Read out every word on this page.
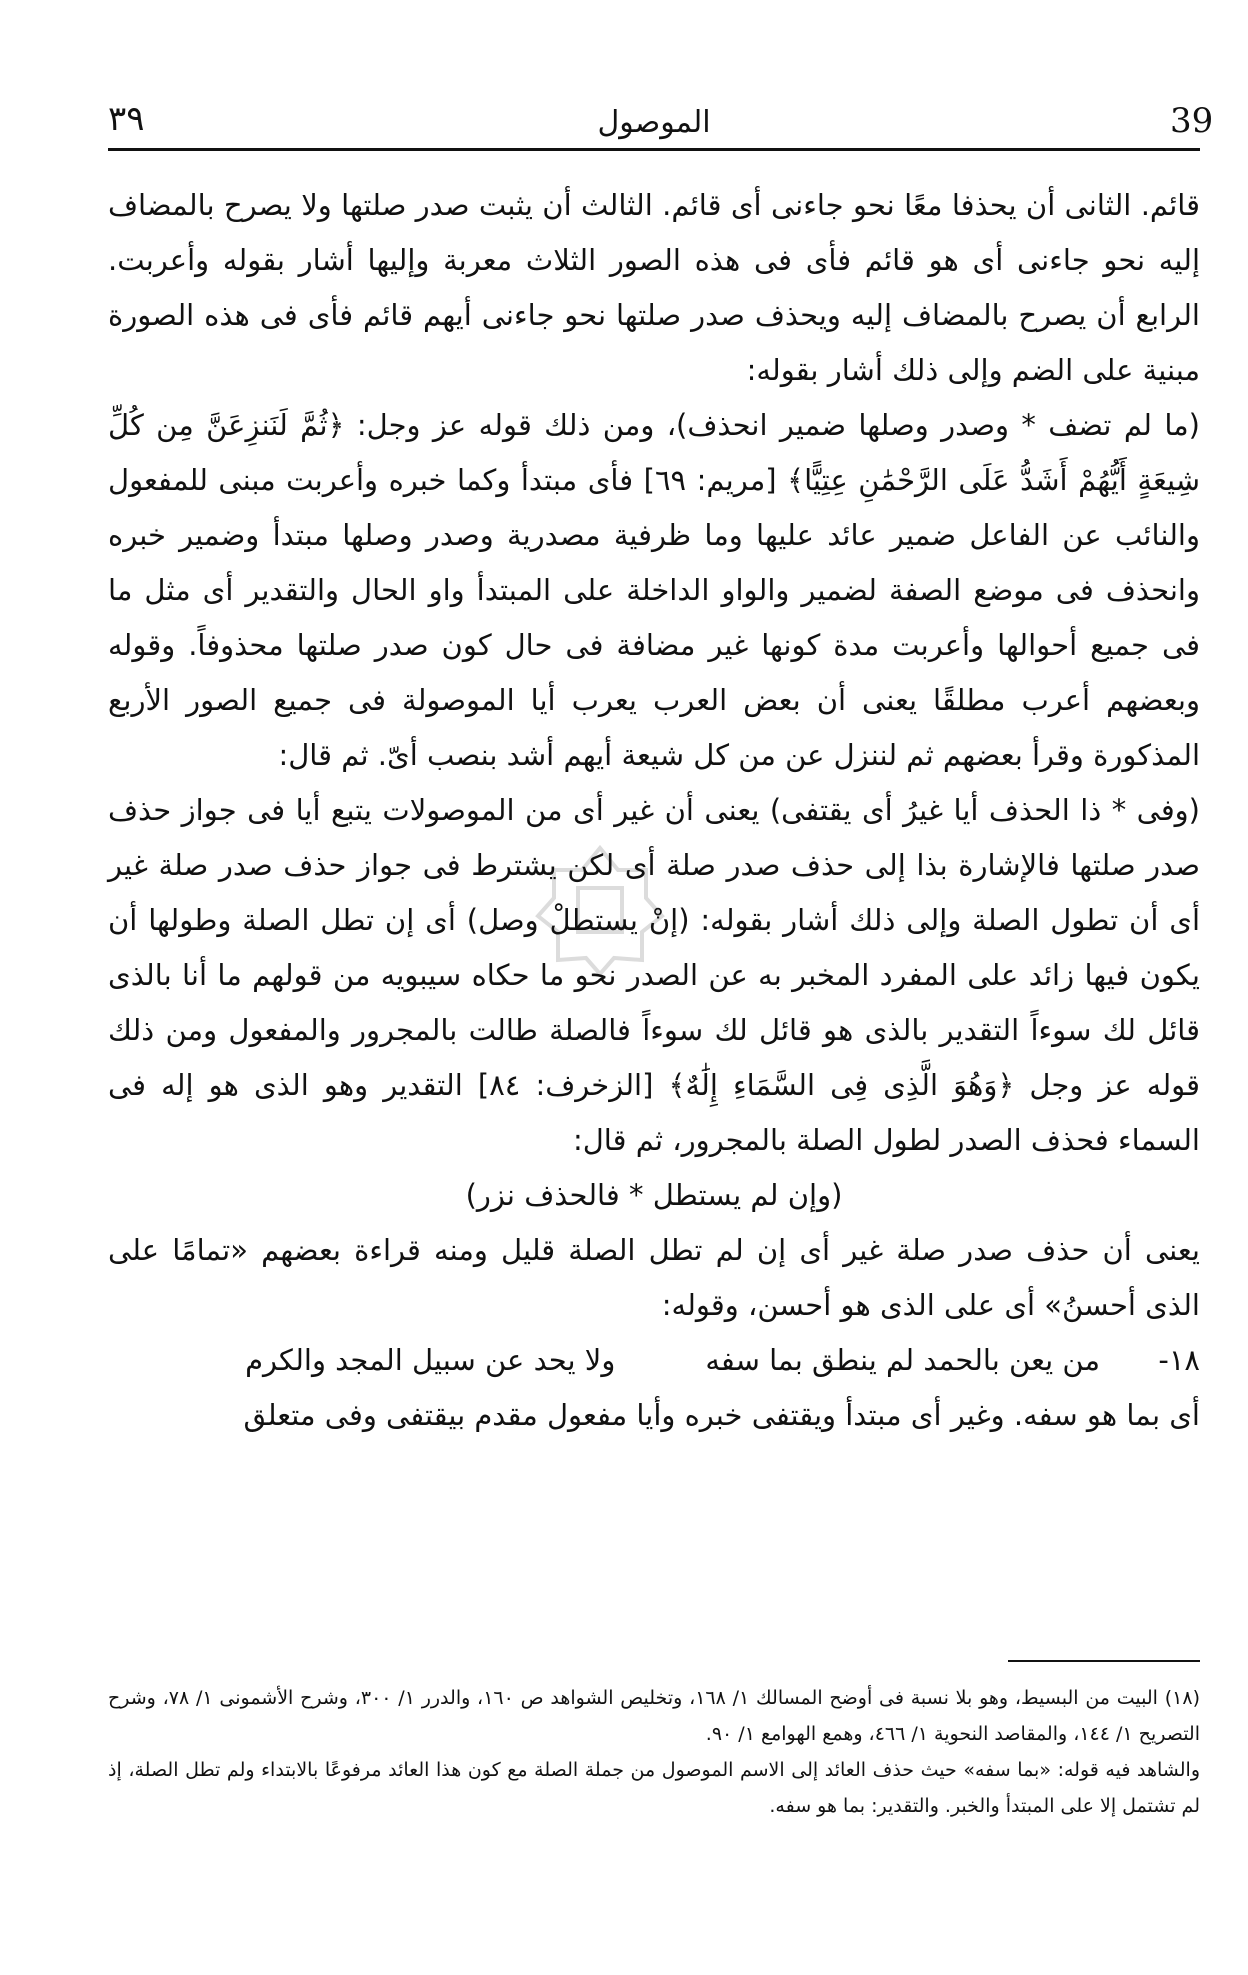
39
الموصول
٣٩

قائم. الثانى أن يحذفا معًا نحو جاءنى أى قائم. الثالث أن يثبت صدر صلتها ولا يصرح بالمضاف إليه نحو جاءنى أى هو قائم فأى فى هذه الصور الثلاث معربة وإليها أشار بقوله وأعربت. الرابع أن يصرح بالمضاف إليه ويحذف صدر صلتها نحو جاءنى أيهم قائم فأى فى هذه الصورة مبنية على الضم وإلى ذلك أشار بقوله:

(ما لم تضف * وصدر وصلها ضمير انحذف)، ومن ذلك قوله عز وجل: ﴿ثُمَّ لَنَنزِعَنَّ مِن كُلِّ شِيعَةٍ أَيُّهُمْ أَشَدُّ عَلَى الرَّحْمَٰنِ عِتِيًّا﴾ [مريم: ٦٩] فأى مبتدأ وكما خبره وأعربت مبنى للمفعول والنائب عن الفاعل ضمير عائد عليها وما ظرفية مصدرية وصدر وصلها مبتدأ وضمير خبره وانحذف فى موضع الصفة لضمير والواو الداخلة على المبتدأ واو الحال والتقدير أى مثل ما فى جميع أحوالها وأعربت مدة كونها غير مضافة فى حال كون صدر صلتها محذوفاً. وقوله وبعضهم أعرب مطلقًا يعنى أن بعض العرب يعرب أيا الموصولة فى جميع الصور الأربع المذكورة وقرأ بعضهم ثم لننزل عن من كل شيعة أيهم أشد بنصب أىّ. ثم قال:

(وفى * ذا الحذف أيا غيرُ أى يقتفى) يعنى أن غير أى من الموصولات يتبع أيا فى جواز حذف صدر صلتها فالإشارة بذا إلى حذف صدر صلة أى لكن يشترط فى جواز حذف صدر صلة غير أى أن تطول الصلة وإلى ذلك أشار بقوله: (إنْ يستطلْ وصل) أى إن تطل الصلة وطولها أن يكون فيها زائد على المفرد المخبر به عن الصدر نحو ما حكاه سيبويه من قولهم ما أنا بالذى قائل لك سوءاً التقدير بالذى هو قائل لك سوءاً فالصلة طالت بالمجرور والمفعول ومن ذلك قوله عز وجل ﴿وَهُوَ الَّذِى فِى السَّمَاءِ إِلَٰهٌ﴾ [الزخرف: ٨٤] التقدير وهو الذى هو إله فى السماء فحذف الصدر لطول الصلة بالمجرور، ثم قال:

(وإن لم يستطل * فالحذف نزر)

يعنى أن حذف صدر صلة غير أى إن لم تطل الصلة قليل ومنه قراءة بعضهم «تمامًا على الذى أحسنُ» أى على الذى هو أحسن، وقوله:

١٨-
من يعن بالحمد لم ينطق بما سفه
ولا يحد عن سبيل المجد والكرم

أى بما هو سفه. وغير أى مبتدأ ويقتفى خبره وأيا مفعول مقدم بيقتفى وفى متعلق

(١٨) البيت من البسيط، وهو بلا نسبة فى أوضح المسالك ١/ ١٦٨، وتخليص الشواهد ص ١٦٠، والدرر ١/ ٣٠٠، وشرح الأشمونى ١/ ٧٨، وشرح التصريح ١/ ١٤٤، والمقاصد النحوية ١/ ٤٦٦، وهمع الهوامع ١/ ٩٠.

والشاهد فيه قوله: «بما سفه» حيث حذف العائد إلى الاسم الموصول من جملة الصلة مع كون هذا العائد مرفوعًا بالابتداء ولم تطل الصلة، إذ لم تشتمل إلا على المبتدأ والخبر. والتقدير: بما هو سفه.
